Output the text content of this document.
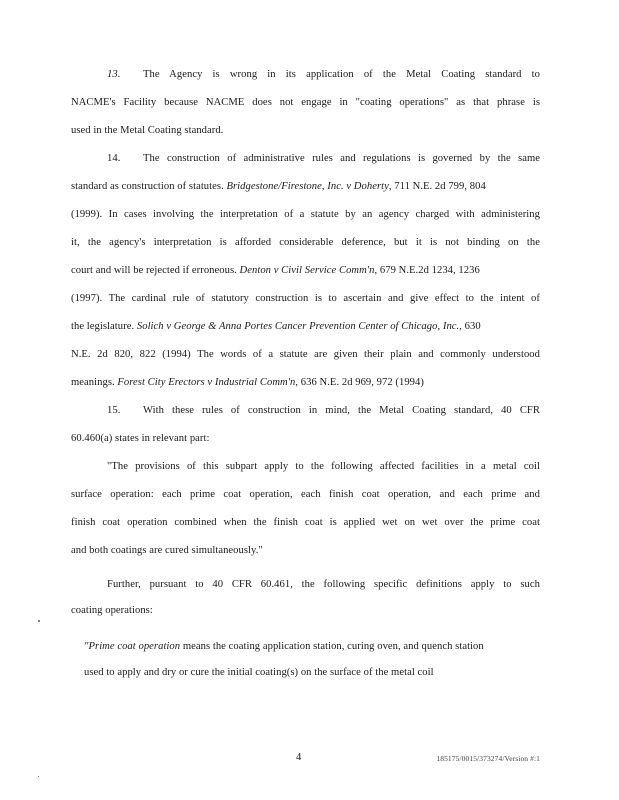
13. The Agency is wrong in its application of the Metal Coating standard to
NACME's Facility because NACME does not engage in "coating operations" as that phrase is
used in the Metal Coating standard.
14. The construction of administrative rules and regulations is governed by the same
standard as construction of statutes. Bridgestone/Firestone, Inc. v Doherty, 711 N.E. 2d 799, 804
(1999). In cases involving the interpretation of a statute by an agency charged with administering
it, the agency's interpretation is afforded considerable deference, but it is not binding on the
court and will be rejected if erroneous. Denton v Civil Service Comm'n, 679 N.E.2d 1234, 1236
(1997). The cardinal rule of statutory construction is to ascertain and give effect to the intent of
the legislature. Solich v George & Anna Portes Cancer Prevention Center of Chicago, Inc., 630
N.E. 2d 820, 822 (1994) The words of a statute are given their plain and commonly understood
meanings. Forest City Erectors v Industrial Comm'n, 636 N.E. 2d 969, 972 (1994)
15. With these rules of construction in mind, the Metal Coating standard, 40 CFR
60.460(a) states in relevant part:
"The provisions of this subpart apply to the following affected facilities in a metal coil
surface operation: each prime coat operation, each finish coat operation, and each prime and
finish coat operation combined when the finish coat is applied wet on wet over the prime coat
and both coatings are cured simultaneously."
Further, pursuant to 40 CFR 60.461, the following specific definitions apply to such
coating operations:
"Prime coat operation means the coating application station, curing oven, and quench station
used to apply and dry or cure the initial coating(s) on the surface of the metal coil
4	185175/0015/373274/Version #:1
